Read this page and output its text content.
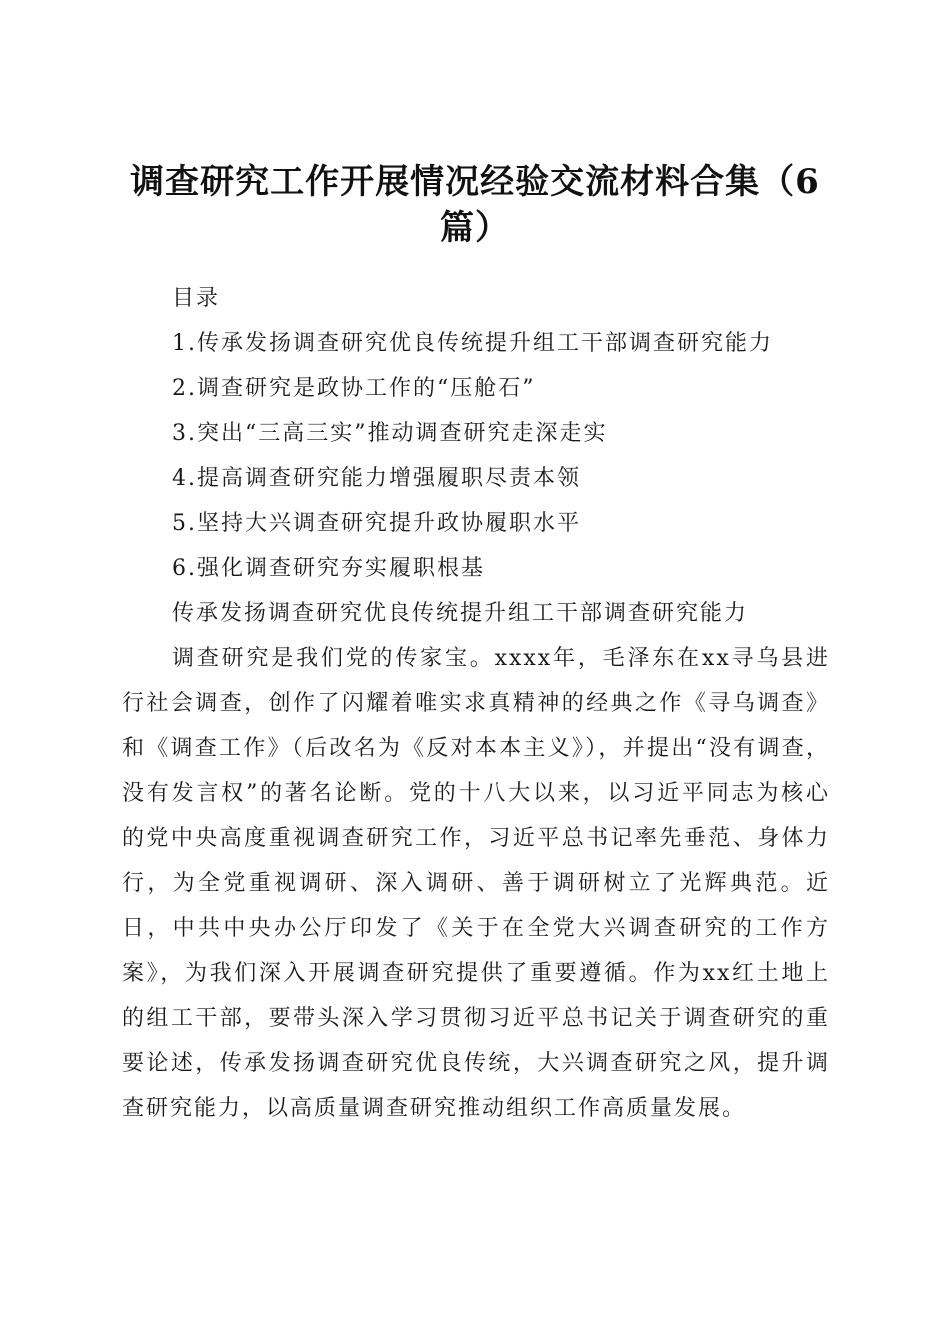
调查研究工作开展情况经验交流材料合集（6篇）
目录
1.传承发扬调查研究优良传统提升组工干部调查研究能力
2.调查研究是政协工作的“压舱石”
3.突出“三高三实”推动调查研究走深走实
4.提高调查研究能力增强履职尽责本领
5.坚持大兴调查研究提升政协履职水平
6.强化调查研究夯实履职根基

传承发扬调查研究优良传统提升组工干部调查研究能力

调查研究是我们党的传家宝。xxxx年，毛泽东在xx寻乌县进行社会调查，创作了闪耀着唯实求真精神的经典之作《寻乌调查》和《调查工作》（后改名为《反对本本主义》），并提出“没有调查，没有发言权”的著名论断。党的十八大以来，以习近平同志为核心的党中央高度重视调查研究工作，习近平总书记率先垂范、身体力行，为全党重视调研、深入调研、善于调研树立了光辉典范。近日，中共中央办公厅印发了《关于在全党大兴调查研究的工作方案》，为我们深入开展调查研究提供了重要遵循。作为xx红土地上的组工干部，要带头深入学习贯彻习近平总书记关于调查研究的重要论述，传承发扬调查研究优良传统，大兴调查研究之风，提升调查研究能力，以高质量调查研究推动组织工作高质量发展。
